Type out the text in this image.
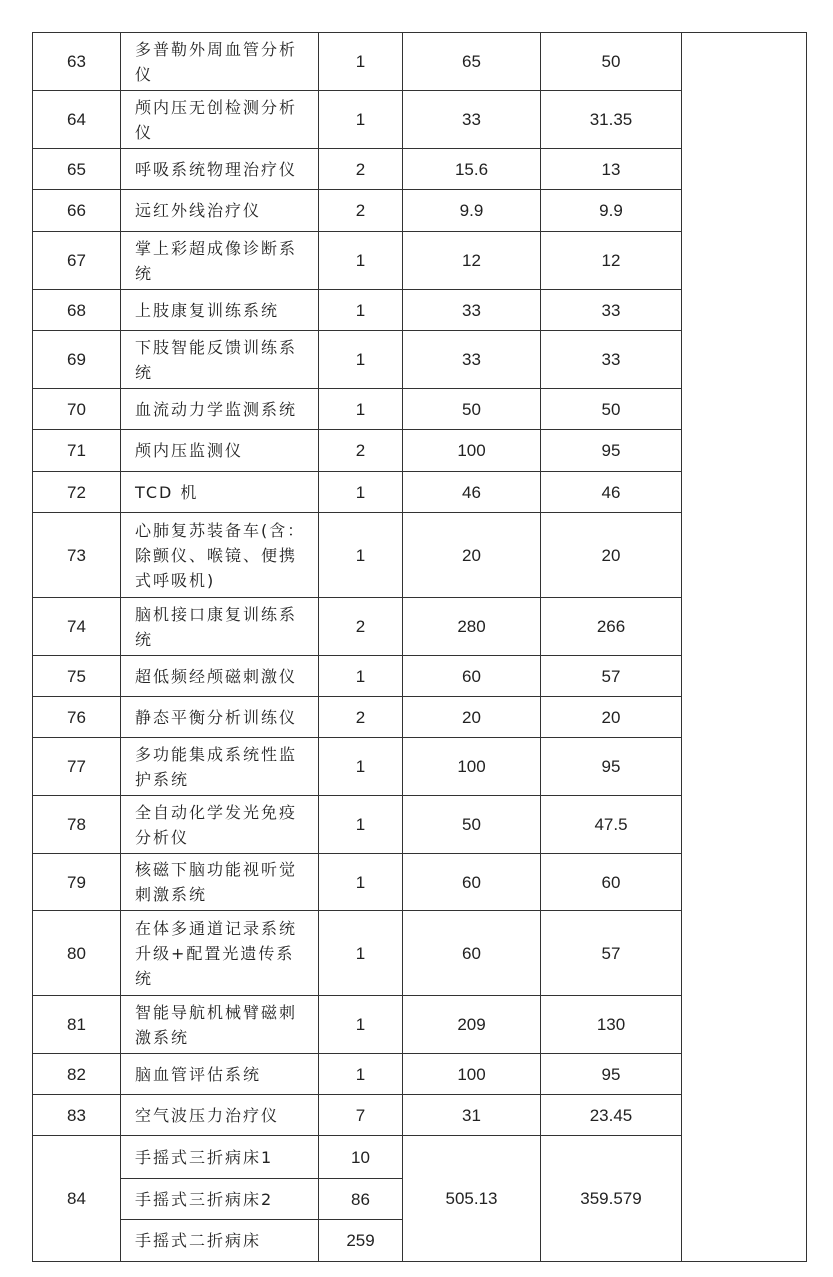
63	多普勒外周血管分析仪	1	65	50	
64	颅内压无创检测分析仪	1	33	31.35	
65	呼吸系统物理治疗仪	2	15.6	13	
66	远红外线治疗仪	2	9.9	9.9	
67	掌上彩超成像诊断系统	1	12	12	
68	上肢康复训练系统	1	33	33	
69	下肢智能反馈训练系统	1	33	33	
70	血流动力学监测系统	1	50	50	
71	颅内压监测仪	2	100	95	
72	TCD 机	1	46	46	
73	心肺复苏装备车(含：除颤仪、喉镜、便携式呼吸机)	1	20	20	
74	脑机接口康复训练系统	2	280	266	
75	超低频经颅磁刺激仪	1	60	57	
76	静态平衡分析训练仪	2	20	20	
77	多功能集成系统性监护系统	1	100	95	
78	全自动化学发光免疫分析仪	1	50	47.5	
79	核磁下脑功能视听觉刺激系统	1	60	60	
80	在体多通道记录系统升级+配置光遗传系统	1	60	57	
81	智能导航机械臂磁刺激系统	1	209	130	
82	脑血管评估系统	1	100	95	
83	空气波压力治疗仪	7	31	23.45	
84	手摇式三折病床1	10	505.13	359.579	
	手摇式三折病床2	86			
	手摇式二折病床	259			
